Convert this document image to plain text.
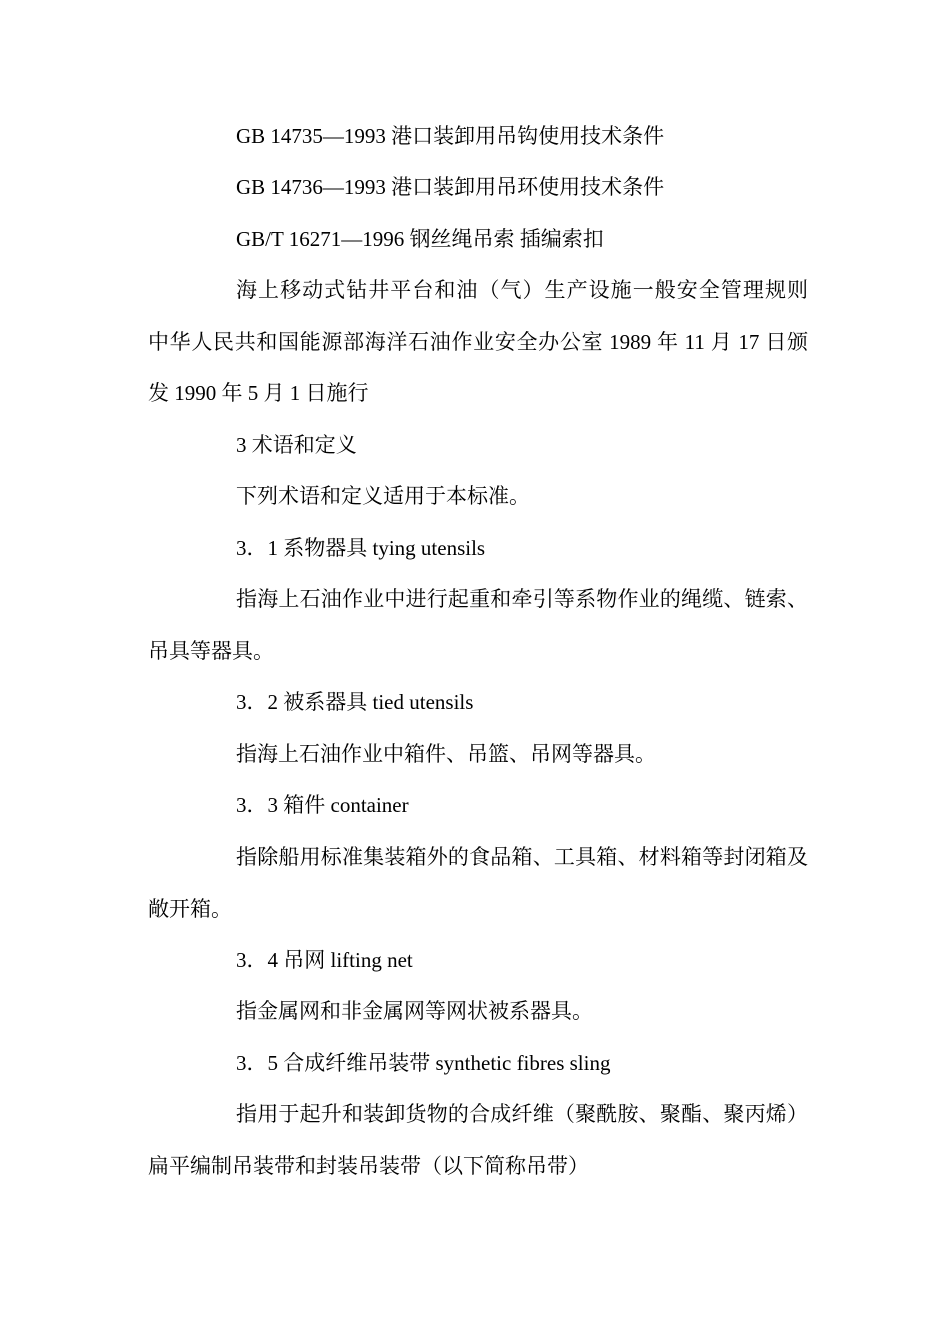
GB 14735—1993 港口装卸用吊钩使用技术条件

GB 14736—1993 港口装卸用吊环使用技术条件

GB/T 16271—1996 钢丝绳吊索 插编索扣

海上移动式钻井平台和油（气）生产设施一般安全管理规则 中华人民共和国能源部海洋石油作业安全办公室 1989 年 11 月 17 日颁发 1990 年 5 月 1 日施行

3 术语和定义

下列术语和定义适用于本标准。

3．1 系物器具 tying utensils

指海上石油作业中进行起重和牵引等系物作业的绳缆、链索、吊具等器具。

3．2 被系器具 tied utensils

指海上石油作业中箱件、吊篮、吊网等器具。

3．3 箱件 container

指除船用标准集装箱外的食品箱、工具箱、材料箱等封闭箱及敞开箱。

3．4 吊网 lifting net

指金属网和非金属网等网状被系器具。

3．5 合成纤维吊装带 synthetic fibres sling

指用于起升和装卸货物的合成纤维（聚酰胺、聚酯、聚丙烯）扁平编制吊装带和封装吊装带（以下简称吊带）
